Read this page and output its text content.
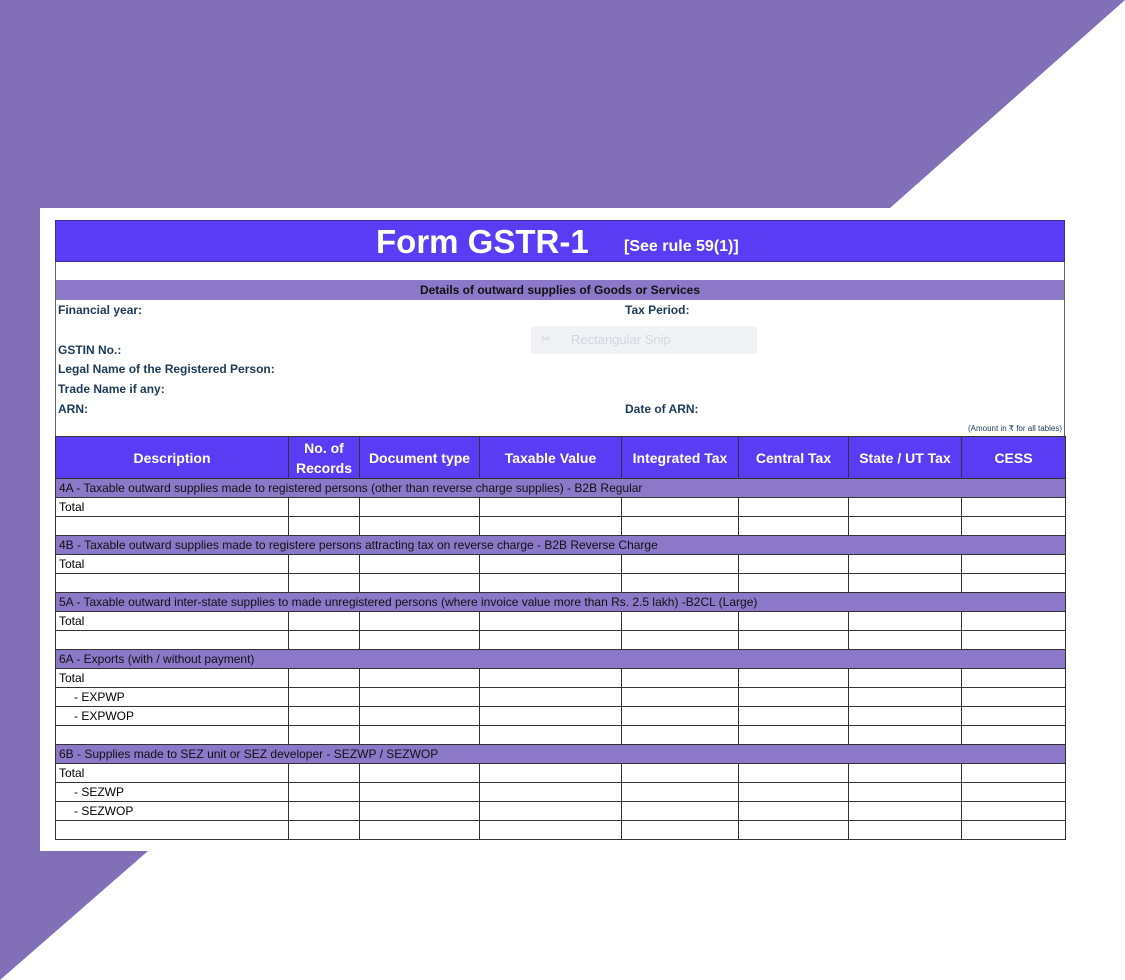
Form GSTR-1 [See rule 59(1)]
Details of outward supplies of Goods or Services
Financial year:	Tax Period:
✂ Rectangular Snip
GSTIN No.:
Legal Name of the Registered Person:
Trade Name if any:
ARN:	Date of ARN:
(Amount in ₹ for all tables)
Description	No. of Records	Document type	Taxable Value	Integrated Tax	Central Tax	State / UT Tax	CESS
4A - Taxable outward supplies made to registered persons (other than reverse charge supplies) - B2B Regular							
Total							

4B - Taxable outward supplies made to registere persons attracting tax on reverse charge - B2B Reverse Charge							
Total							

5A - Taxable outward inter-state supplies to made unregistered persons (where invoice value more than Rs. 2.5 lakh) -B2CL (Large)							
Total							

6A - Exports (with / without payment)							
Total							
- EXPWP							
- EXPWOP							

6B - Supplies made to SEZ unit or SEZ developer - SEZWP / SEZWOP							
Total							
- SEZWP							
- SEZWOP							
